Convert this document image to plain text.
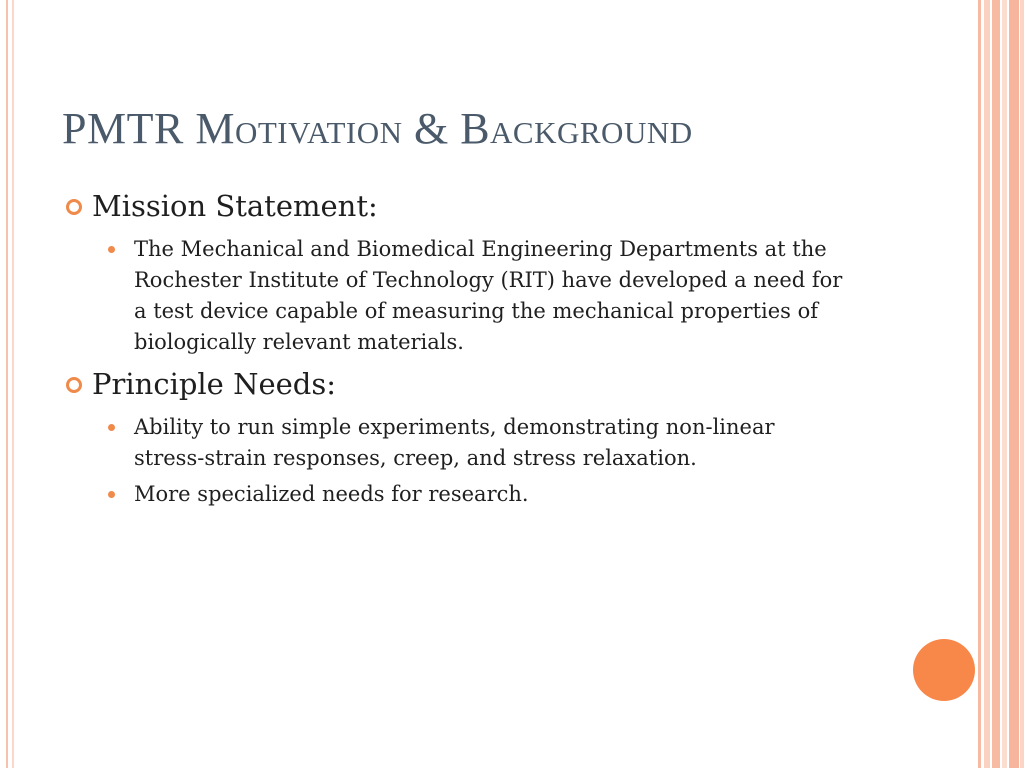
PMTR Motivation & Background
Mission Statement:
The Mechanical and Biomedical Engineering Departments at the Rochester Institute of Technology (RIT) have developed a need for a test device capable of measuring the mechanical properties of biologically relevant materials.
Principle Needs:
Ability to run simple experiments, demonstrating non-linear stress-strain responses, creep, and stress relaxation.
More specialized needs for research.
